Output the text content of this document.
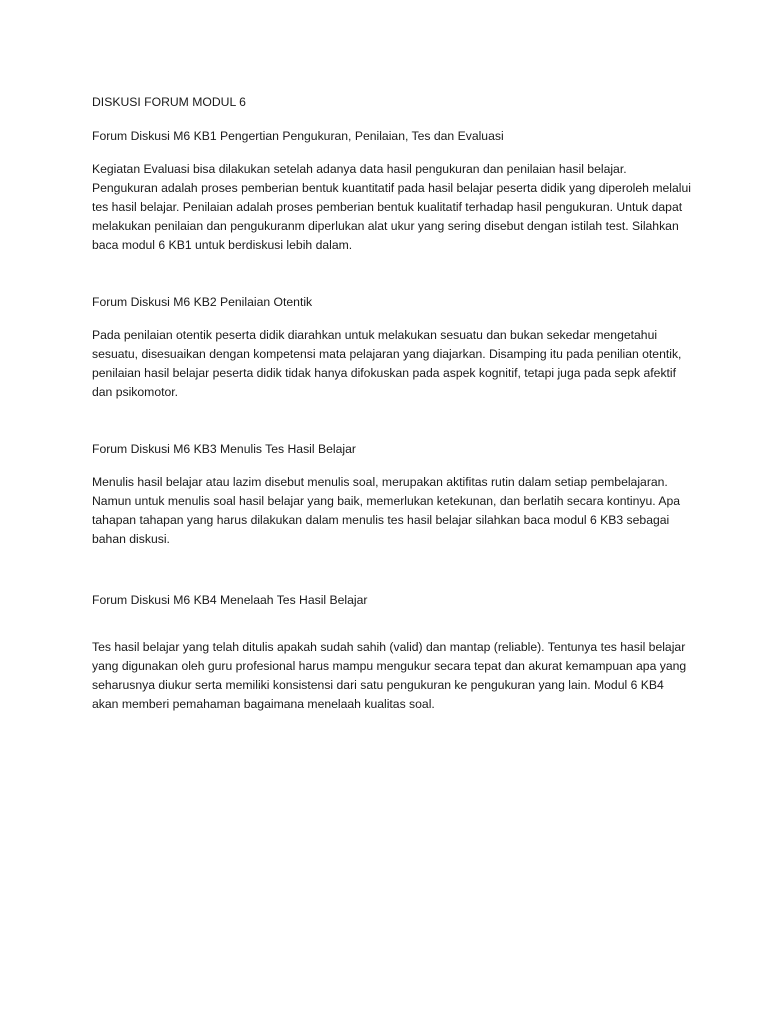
DISKUSI FORUM MODUL 6
Forum Diskusi M6 KB1 Pengertian Pengukuran, Penilaian, Tes dan Evaluasi

Kegiatan Evaluasi bisa dilakukan setelah adanya data hasil pengukuran dan penilaian hasil belajar. Pengukuran adalah proses pemberian bentuk kuantitatif pada hasil belajar peserta didik yang diperoleh melalui tes hasil belajar. Penilaian adalah proses pemberian bentuk kualitatif terhadap hasil pengukuran. Untuk dapat melakukan penilaian dan pengukuranm diperlukan alat ukur yang sering disebut dengan istilah test. Silahkan baca modul 6 KB1 untuk berdiskusi lebih dalam.

Forum Diskusi M6 KB2 Penilaian Otentik

Pada penilaian otentik peserta didik diarahkan untuk melakukan sesuatu dan bukan sekedar mengetahui sesuatu, disesuaikan dengan kompetensi mata pelajaran yang diajarkan. Disamping itu pada penilian otentik, penilaian hasil belajar peserta didik tidak hanya difokuskan pada aspek kognitif, tetapi juga pada sepk afektif dan psikomotor.

Forum Diskusi M6 KB3 Menulis Tes Hasil Belajar

Menulis hasil belajar atau lazim disebut menulis soal, merupakan aktifitas rutin dalam setiap pembelajaran. Namun untuk menulis soal hasil belajar yang baik, memerlukan ketekunan, dan berlatih secara kontinyu. Apa tahapan tahapan yang harus dilakukan dalam menulis tes hasil belajar silahkan baca modul 6 KB3 sebagai bahan diskusi.

Forum Diskusi M6 KB4 Menelaah Tes Hasil Belajar

Tes hasil belajar yang telah ditulis apakah sudah sahih (valid) dan mantap (reliable). Tentunya tes hasil belajar yang digunakan oleh guru profesional harus mampu mengukur secara tepat dan akurat kemampuan apa yang seharusnya diukur serta memiliki konsistensi dari satu pengukuran ke pengukuran yang lain. Modul 6 KB4 akan memberi pemahaman bagaimana menelaah kualitas soal.
